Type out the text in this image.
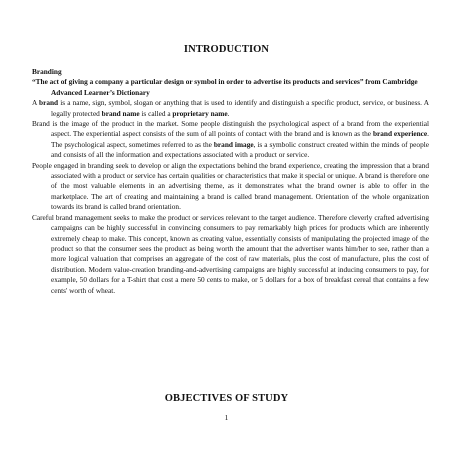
INTRODUCTION

Branding

“The act of giving a company a particular design or symbol in order to advertise its products and services” from Cambridge Advanced Learner’s Dictionary

A brand is a name, sign, symbol, slogan or anything that is used to identify and distinguish a specific product, service, or business. A legally protected brand name is called a proprietary name.

Brand is the image of the product in the market. Some people distinguish the psychological aspect of a brand from the experiential aspect. The experiential aspect consists of the sum of all points of contact with the brand and is known as the brand experience. The psychological aspect, sometimes referred to as the brand image, is a symbolic construct created within the minds of people and consists of all the information and expectations associated with a product or service.

People engaged in branding seek to develop or align the expectations behind the brand experience, creating the impression that a brand associated with a product or service has certain qualities or characteristics that make it special or unique. A brand is therefore one of the most valuable elements in an advertising theme, as it demonstrates what the brand owner is able to offer in the marketplace. The art of creating and maintaining a brand is called brand management. Orientation of the whole organization towards its brand is called brand orientation.

Careful brand management seeks to make the product or services relevant to the target audience. Therefore cleverly crafted advertising campaigns can be highly successful in convincing consumers to pay remarkably high prices for products which are inherently extremely cheap to make. This concept, known as creating value, essentially consists of manipulating the projected image of the product so that the consumer sees the product as being worth the amount that the advertiser wants him/her to see, rather than a more logical valuation that comprises an aggregate of the cost of raw materials, plus the cost of manufacture, plus the cost of distribution. Modern value-creation branding-and-advertising campaigns are highly successful at inducing consumers to pay, for example, 50 dollars for a T-shirt that cost a mere 50 cents to make, or 5 dollars for a box of breakfast cereal that contains a few cents' worth of wheat.

OBJECTIVES OF STUDY
1
